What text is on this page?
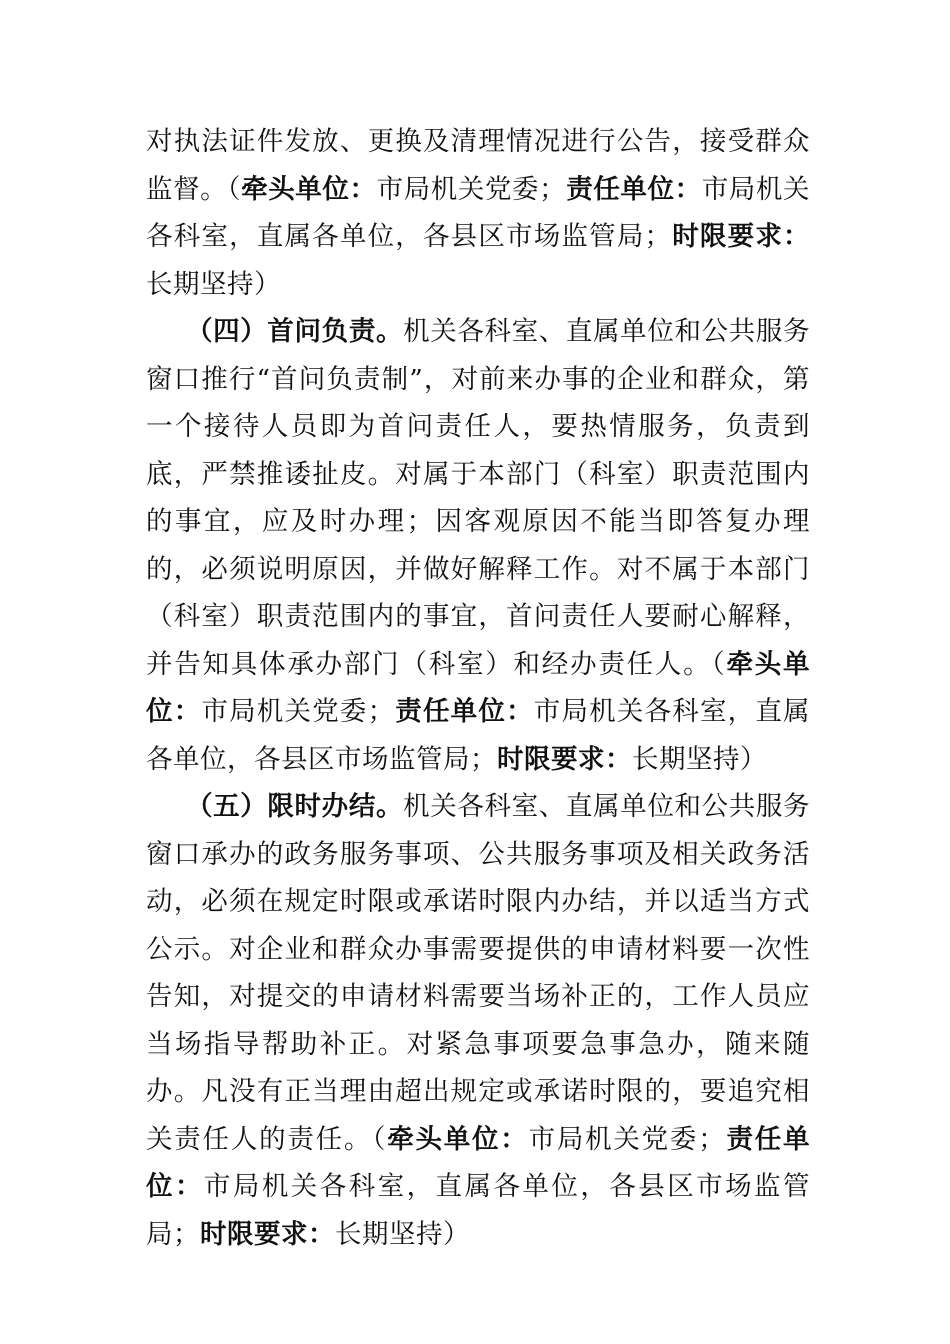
对执法证件发放、更换及清理情况进行公告，接受群众监督。（牵头单位：市局机关党委；责任单位：市局机关各科室，直属各单位，各县区市场监管局；时限要求：长期坚持）

（四）首问负责。机关各科室、直属单位和公共服务窗口推行“首问负责制”，对前来办事的企业和群众，第一个接待人员即为首问责任人，要热情服务，负责到底，严禁推诿扯皮。对属于本部门（科室）职责范围内的事宜，应及时办理；因客观原因不能当即答复办理的，必须说明原因，并做好解释工作。对不属于本部门（科室）职责范围内的事宜，首问责任人要耐心解释，并告知具体承办部门（科室）和经办责任人。（牵头单位：市局机关党委；责任单位：市局机关各科室，直属各单位，各县区市场监管局；时限要求：长期坚持）

（五）限时办结。机关各科室、直属单位和公共服务窗口承办的政务服务事项、公共服务事项及相关政务活动，必须在规定时限或承诺时限内办结，并以适当方式公示。对企业和群众办事需要提供的申请材料要一次性告知，对提交的申请材料需要当场补正的，工作人员应当场指导帮助补正。对紧急事项要急事急办，随来随办。凡没有正当理由超出规定或承诺时限的，要追究相关责任人的责任。（牵头单位：市局机关党委；责任单位：市局机关各科室，直属各单位，各县区市场监管局；时限要求：长期坚持）
